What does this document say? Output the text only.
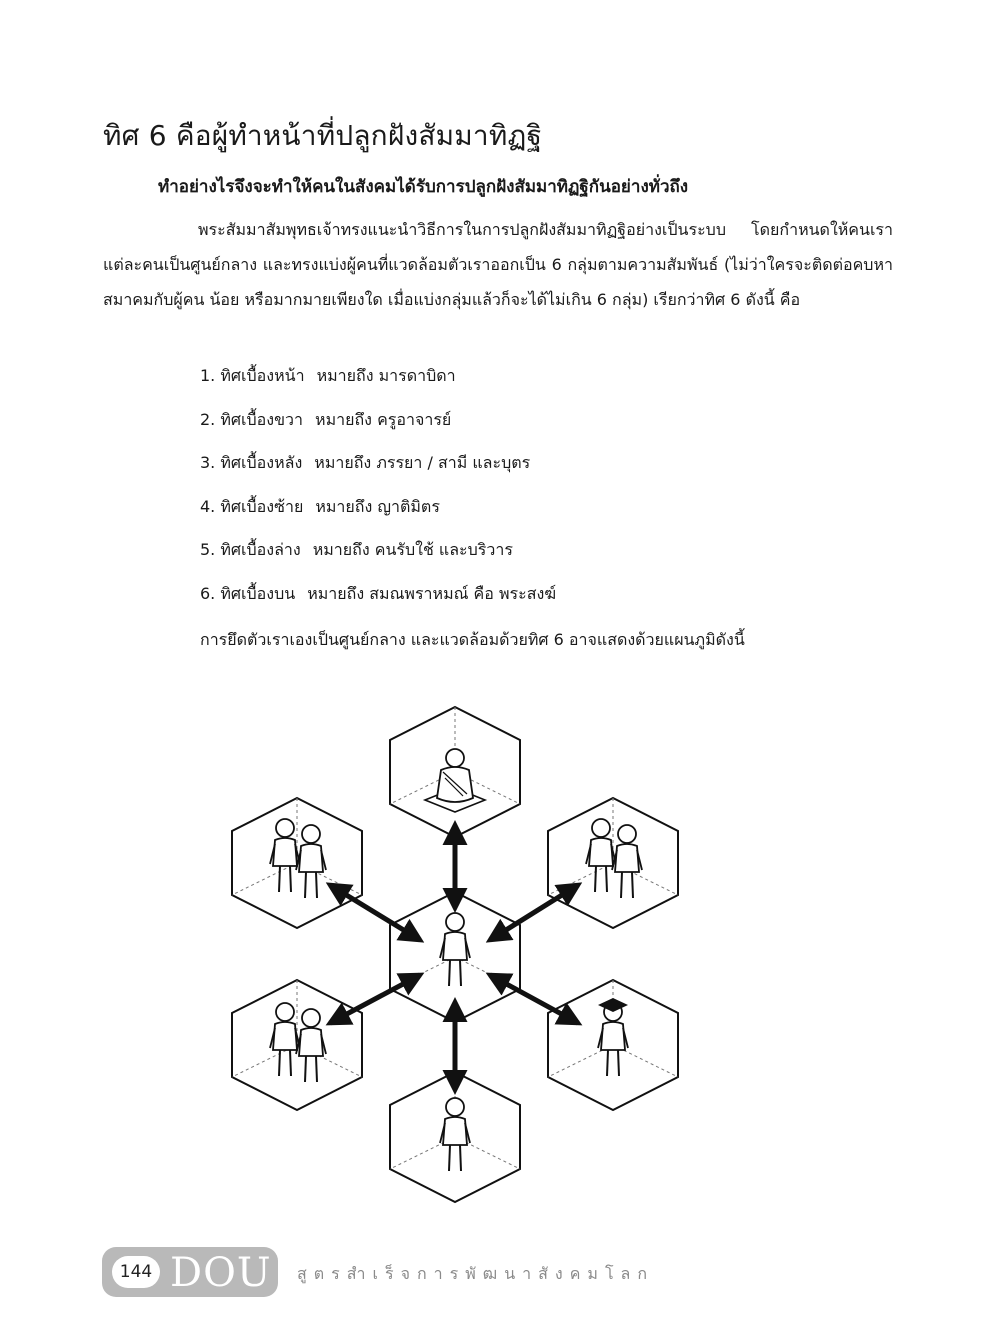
ทิศ 6 คือผู้ทำหน้าที่ปลูกฝังสัมมาทิฏฐิ
ทำอย่างไรจึงจะทำให้คนในสังคมได้รับการปลูกฝังสัมมาทิฏฐิกันอย่างทั่วถึง

พระสัมมาสัมพุทธเจ้าทรงแนะนำวิธีการในการปลูกฝังสัมมาทิฏฐิอย่างเป็นระบบ โดยกำหนดให้คนเราแต่ละคนเป็นศูนย์กลาง และทรงแบ่งผู้คนที่แวดล้อมตัวเราออกเป็น 6 กลุ่มตามความสัมพันธ์ (ไม่ว่าใครจะติดต่อคบหาสมาคมกับผู้คน น้อย หรือมากมายเพียงใด เมื่อแบ่งกลุ่มแล้วก็จะได้ไม่เกิน 6 กลุ่ม) เรียกว่าทิศ 6 ดังนี้ คือ

1. ทิศเบื้องหน้า หมายถึง มารดาบิดา
2. ทิศเบื้องขวา หมายถึง ครูอาจารย์
3. ทิศเบื้องหลัง หมายถึง ภรรยา / สามี และบุตร
4. ทิศเบื้องซ้าย หมายถึง ญาติมิตร
5. ทิศเบื้องล่าง หมายถึง คนรับใช้ และบริวาร
6. ทิศเบื้องบน หมายถึง สมณพราหมณ์ คือ พระสงฆ์

การยึดตัวเราเองเป็นศูนย์กลาง และแวดล้อมด้วยทิศ 6 อาจแสดงด้วยแผนภูมิดังนี้

144 DOU สูตรสำเร็จการพัฒนาสังคมโลก
